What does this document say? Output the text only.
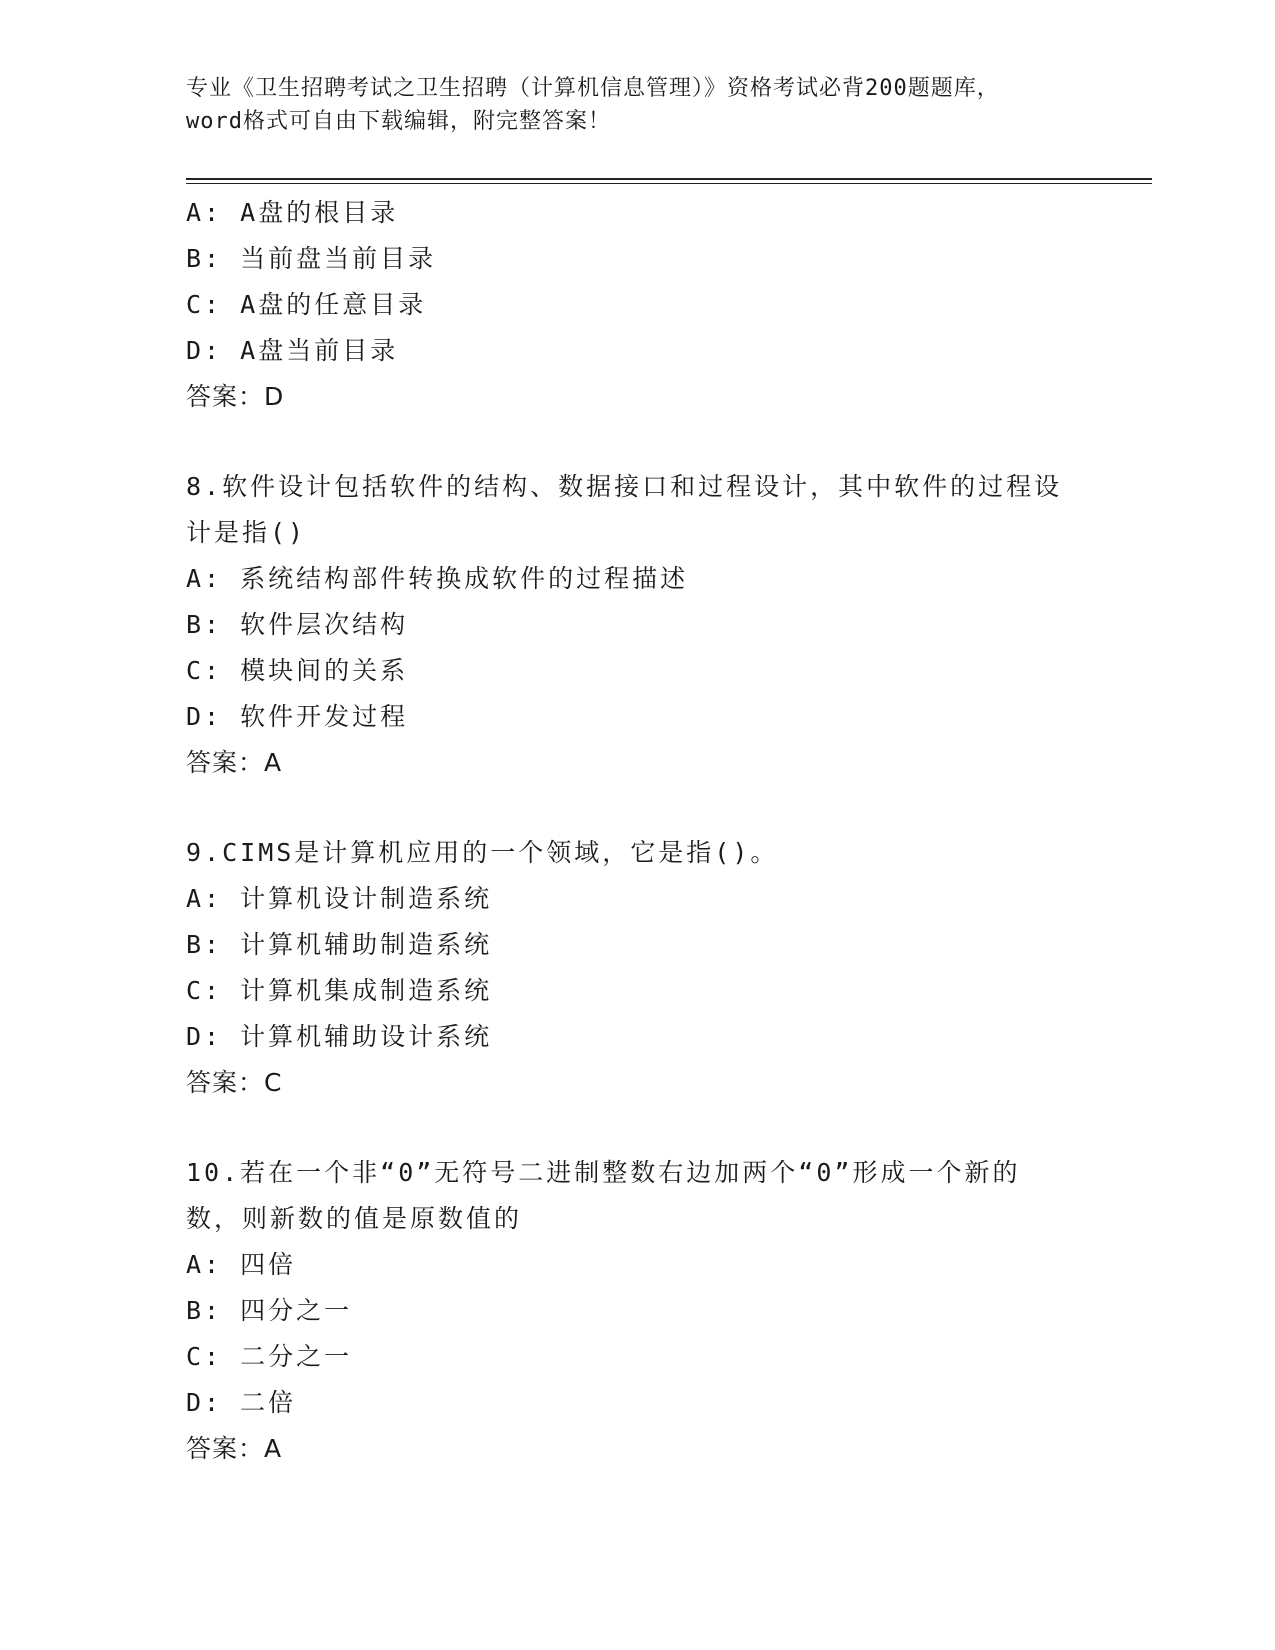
专业《卫生招聘考试之卫生招聘（计算机信息管理）》资格考试必背200题题库，
word格式可自由下载编辑，附完整答案！
A: A盘的根目录
B: 当前盘当前目录
C: A盘的任意目录
D: A盘当前目录
答案：D
8.软件设计包括软件的结构、数据接口和过程设计，其中软件的过程设计是指()
A: 系统结构部件转换成软件的过程描述
B: 软件层次结构
C: 模块间的关系
D: 软件开发过程
答案：A
9.CIMS是计算机应用的一个领域，它是指()。
A: 计算机设计制造系统
B: 计算机辅助制造系统
C: 计算机集成制造系统
D: 计算机辅助设计系统
答案：C
10.若在一个非“0”无符号二进制整数右边加两个“0”形成一个新的数，则新数的值是原数值的
A: 四倍
B: 四分之一
C: 二分之一
D: 二倍
答案：A
